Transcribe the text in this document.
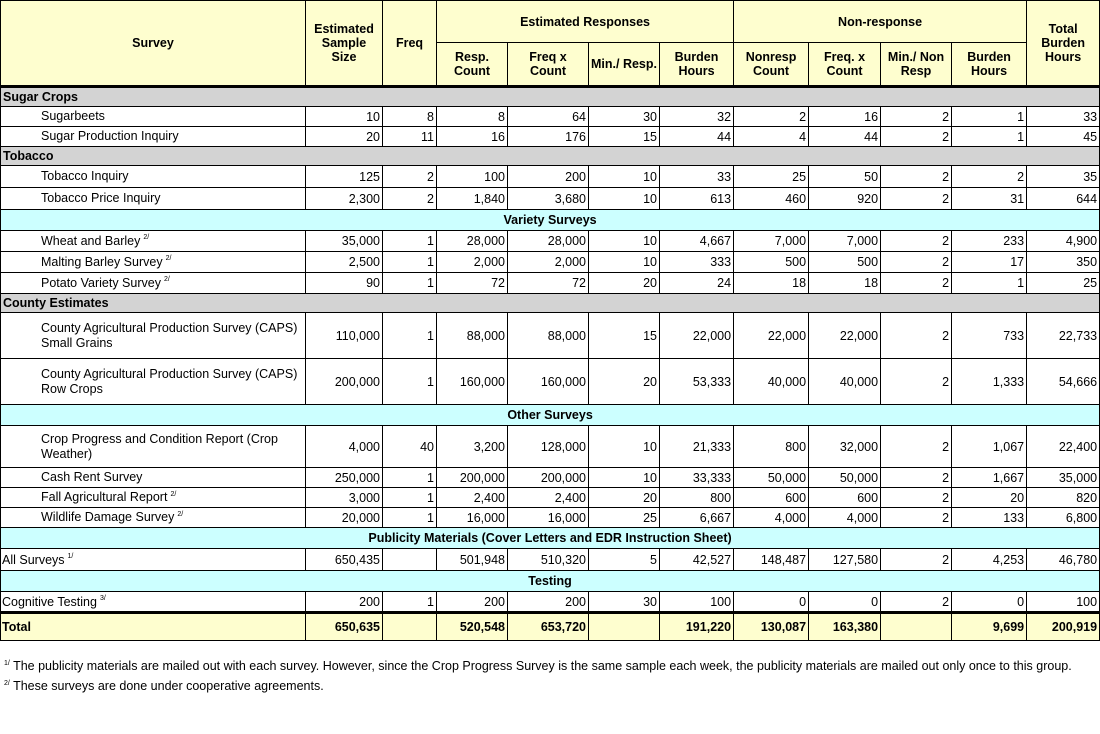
Survey	Estimated Sample Size	Freq	Estimated Responses				Non-response				Total Burden Hours
			Resp. Count	Freq x Count	Min./ Resp.	Burden Hours	Nonresp Count	Freq. x Count	Min./ Non Resp	Burden Hours	
Sugar Crops											
Sugarbeets	10	8	8	64	30	32	2	16	2	1	33
Sugar Production Inquiry	20	11	16	176	15	44	4	44	2	1	45
Tobacco											
Tobacco Inquiry	125	2	100	200	10	33	25	50	2	2	35
Tobacco Price Inquiry	2,300	2	1,840	3,680	10	613	460	920	2	31	644
Variety Surveys											
Wheat and Barley $^{2/}$	35,000	1	28,000	28,000	10	4,667	7,000	7,000	2	233	4,900
Malting Barley Survey $^{2/}$	2,500	1	2,000	2,000	10	333	500	500	2	17	350
Potato Variety Survey $^{2/}$	90	1	72	72	20	24	18	18	2	1	25
County Estimates											
County Agricultural Production Survey (CAPS) Small Grains	110,000	1	88,000	88,000	15	22,000	22,000	22,000	2	733	22,733
County Agricultural Production Survey (CAPS) Row Crops	200,000	1	160,000	160,000	20	53,333	40,000	40,000	2	1,333	54,666
Other Surveys											
Crop Progress and Condition Report (Crop Weather)	4,000	40	3,200	128,000	10	21,333	800	32,000	2	1,067	22,400
Cash Rent Survey	250,000	1	200,000	200,000	10	33,333	50,000	50,000	2	1,667	35,000
Fall Agricultural Report $^{2/}$	3,000	1	2,400	2,400	20	800	600	600	2	20	820
Wildlife Damage Survey $^{2/}$	20,000	1	16,000	16,000	25	6,667	4,000	4,000	2	133	6,800
Publicity Materials (Cover Letters and EDR Instruction Sheet)											
All Surveys $^{1/}$	650,435		501,948	510,320	5	42,527	148,487	127,580	2	4,253	46,780
Testing											
Cognitive Testing $^{3/}$	200	1	200	200	30	100	0	0	2	0	100
Total	650,635		520,548	653,720		191,220	130,087	163,380		9,699	200,919

$^{1/}$ The publicity materials are mailed out with each survey. However, since the Crop Progress Survey is the same sample each week, the publicity materials are mailed out only once to this group.

$^{2/}$ These surveys are done under cooperative agreements.
